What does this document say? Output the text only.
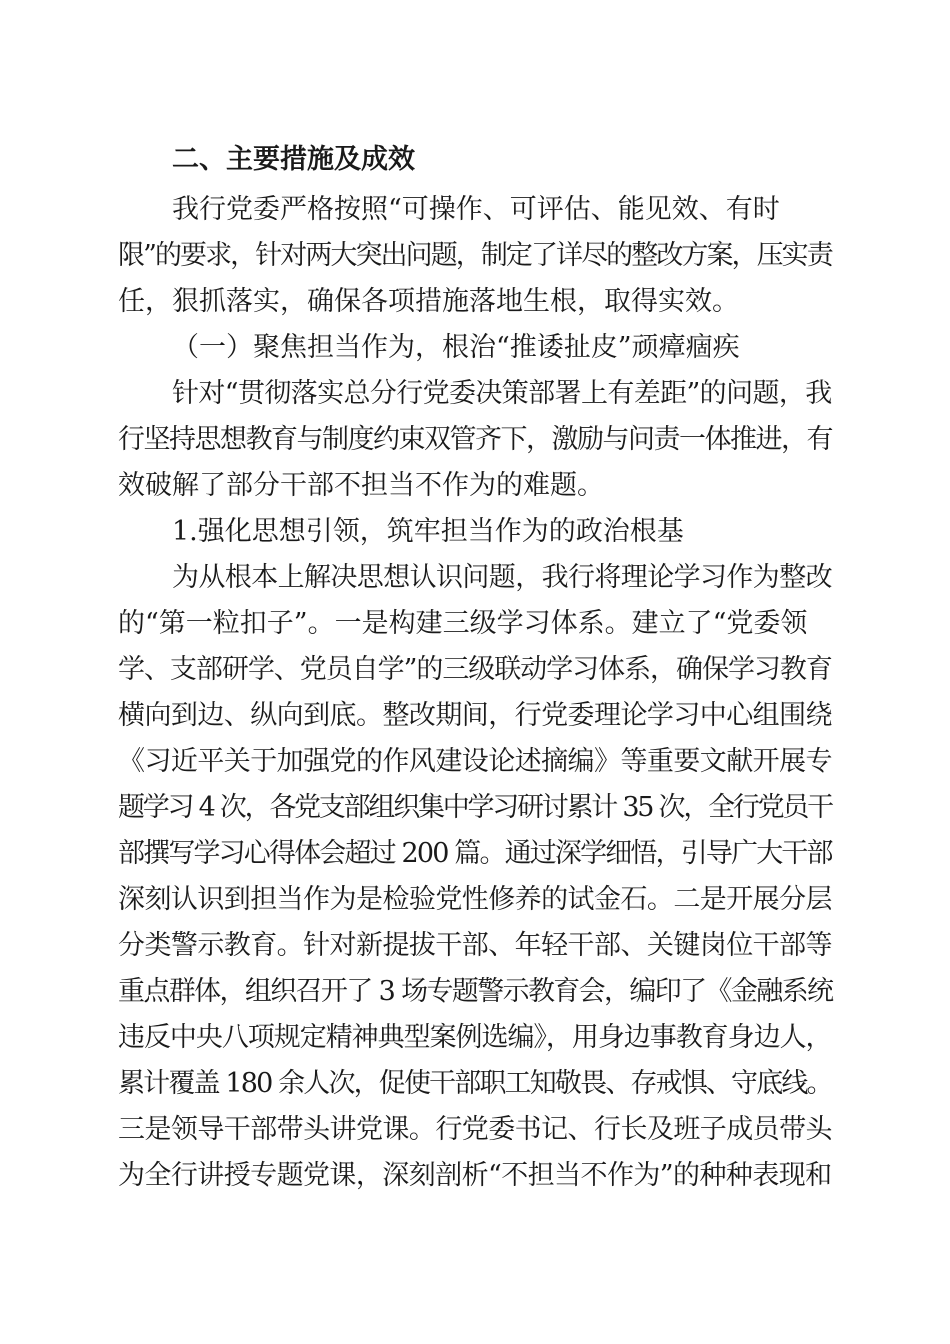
二、主要措施及成效
我行党委严格按照“可操作、可评估、能见效、有时
限”的要求，针对两大突出问题，制定了详尽的整改方案，压实责
任，狠抓落实，确保各项措施落地生根，取得实效。
（一）聚焦担当作为，根治“推诿扯皮”顽瘴痼疾
针对“贯彻落实总分行党委决策部署上有差距”的问题，我
行坚持思想教育与制度约束双管齐下，激励与问责一体推进，有
效破解了部分干部不担当不作为的难题。
1.强化思想引领，筑牢担当作为的政治根基
为从根本上解决思想认识问题，我行将理论学习作为整改
的“第一粒扣子”。一是构建三级学习体系。建立了“党委领
学、支部研学、党员自学”的三级联动学习体系，确保学习教育
横向到边、纵向到底。整改期间，行党委理论学习中心组围绕
《习近平关于加强党的作风建设论述摘编》等重要文献开展专
题学习 4 次，各党支部组织集中学习研讨累计 35 次，全行党员干
部撰写学习心得体会超过 200 篇。通过深学细悟，引导广大干部
深刻认识到担当作为是检验党性修养的试金石。二是开展分层
分类警示教育。针对新提拔干部、年轻干部、关键岗位干部等
重点群体，组织召开了 3 场专题警示教育会，编印了《金融系统
违反中央八项规定精神典型案例选编》，用身边事教育身边人，
累计覆盖 180 余人次，促使干部职工知敬畏、存戒惧、守底线。
三是领导干部带头讲党课。行党委书记、行长及班子成员带头
为全行讲授专题党课，深刻剖析“不担当不作为”的种种表现和
